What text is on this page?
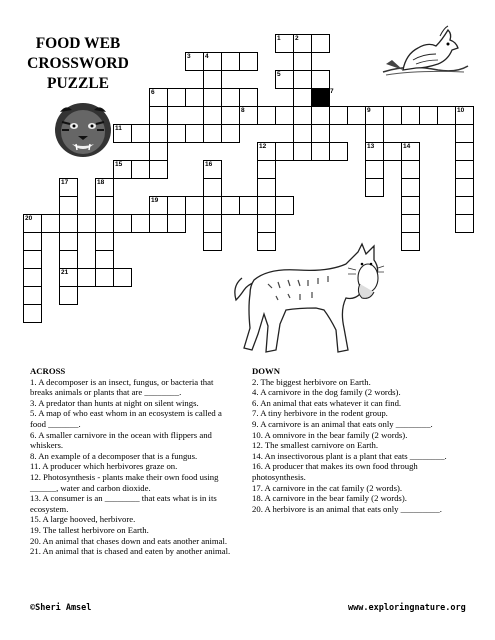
FOOD WEB
CROSSWORD
PUZZLE
1 2
3 4
5
6
8	9	10
13
11
12	14
15	16
17
21
18
19
20
7
ACROSS
1. A decomposer is an insect, fungus, or bacteria that breaks animals or plants that are ________.
3. A predator than hunts at night on silent wings.
5. A map of who east whom in an ecosystem is called a food _______.
6. A smaller carnivore in the ocean with flippers and whiskers.
8. An example of a decomposer that is a fungus.
11. A producer which herbivores graze on.
12. Photosynthesis - plants make their own food using ______, water and carbon dioxide.
13. A consumer is an ________ that eats what is in its ecosystem.
15. A large hooved, herbivore.
19. The tallest herbivore on Earth.
20. An animal that chases down and eats another animal.
21. An animal that is chased and eaten by another animal.
DOWN
2. The biggest herbivore on Earth.
4. A carnivore in the dog family (2 words).
6. An animal that eats whatever it can find.
7. A tiny herbivore in the rodent group.
9. A carnivore is an animal that eats only ________.
10. A omnivore in the bear family (2 words).
12. The smallest carnivore on Earth.
14. An insectivorous plant is a plant that eats ________.
16. A producer that makes its own food through photosynthesis.
17. A carnivore in the cat family (2 words).
18. A carnivore in the bear family (2 words).
20. A herbivore is an animal that eats only _________.
©Sheri Amsel	www.exploringnature.org
